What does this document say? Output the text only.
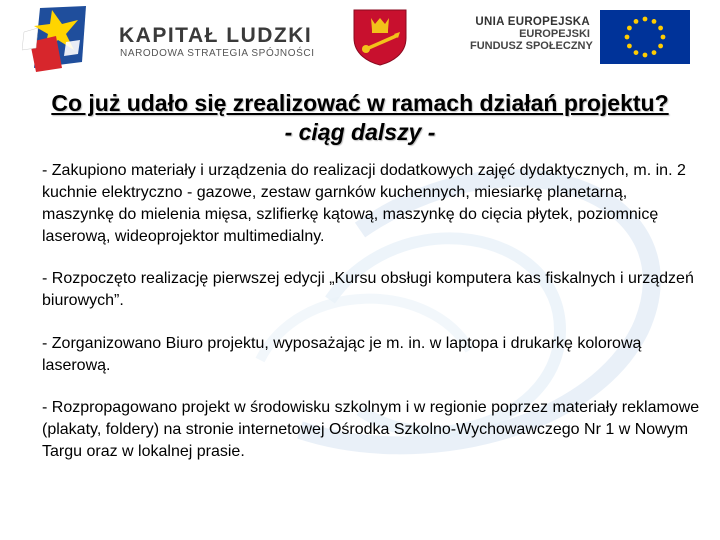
KAPITAŁ LUDZKI
NARODOWA STRATEGIA SPÓJNOŚCI
UNIA EUROPEJSKA
EUROPEJSKI
FUNDUSZ SPOŁECZNY
Co już udało się zrealizować w ramach działań projektu?
- ciąg dalszy -

- Zakupiono materiały i urządzenia do realizacji dodatkowych zajęć dydaktycznych, m. in. 2 kuchnie elektryczno - gazowe, zestaw garnków kuchennych, miesiarkę planetarną, maszynkę do mielenia mięsa, szlifierkę kątową, maszynkę do cięcia płytek, poziomnicę laserową, wideoprojektor multimedialny.

- Rozpoczęto realizację pierwszej edycji „Kursu obsługi komputera kas fiskalnych i urządzeń biurowych”.

- Zorganizowano Biuro projektu, wyposażając je m. in. w laptopa i drukarkę kolorową laserową.

- Rozpropagowano projekt w środowisku szkolnym i w regionie poprzez materiały reklamowe (plakaty, foldery) na stronie internetowej Ośrodka Szkolno-Wychowawczego Nr 1 w Nowym Targu oraz w lokalnej prasie.
